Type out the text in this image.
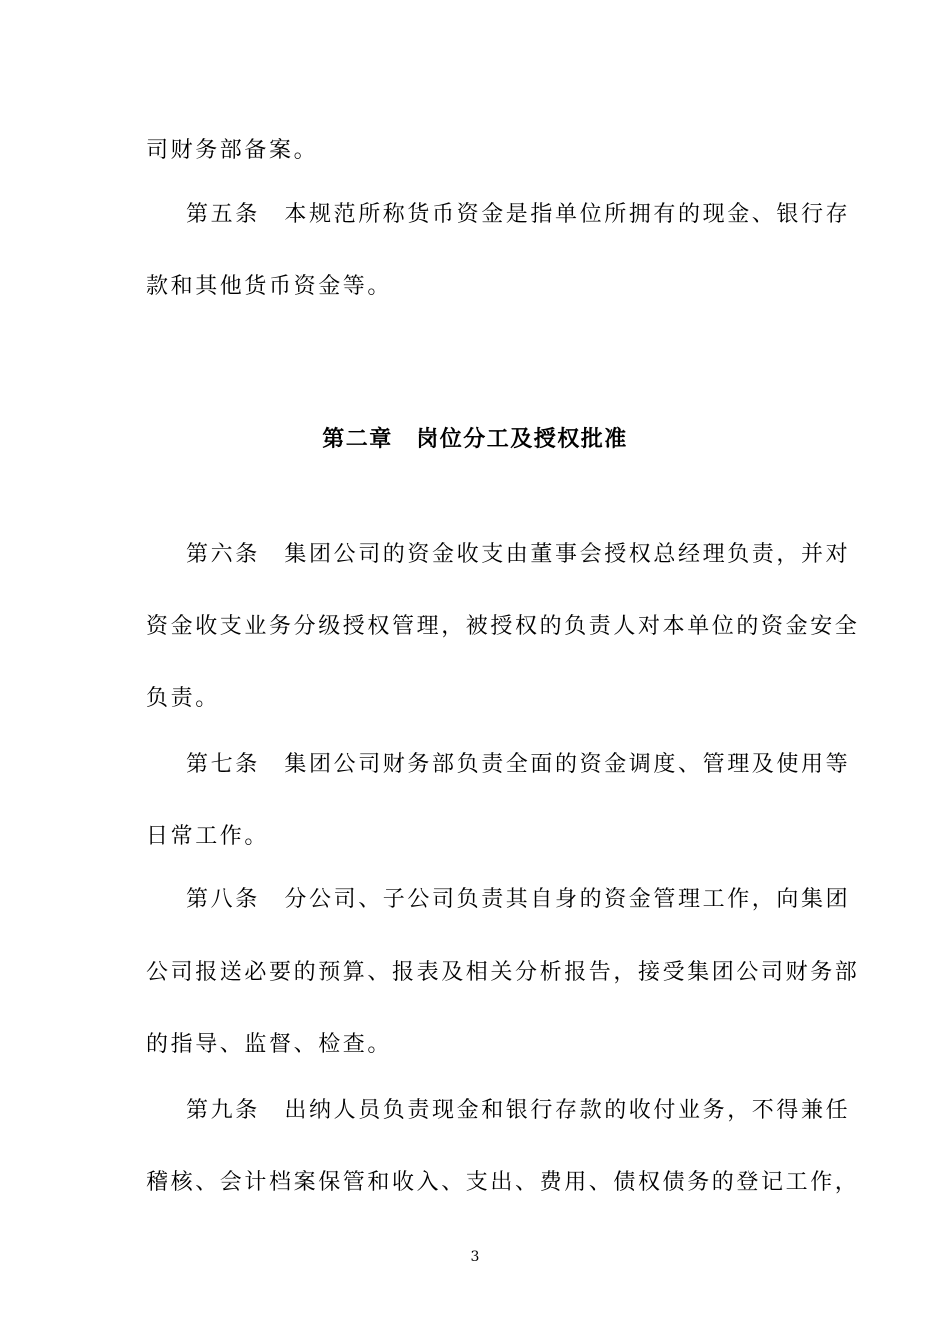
司财务部备案。
第五条　本规范所称货币资金是指单位所拥有的现金、银行存
款和其他货币资金等。
第二章　岗位分工及授权批准
第六条　集团公司的资金收支由董事会授权总经理负责，并对
资金收支业务分级授权管理，被授权的负责人对本单位的资金安全
负责。
第七条　集团公司财务部负责全面的资金调度、管理及使用等
日常工作。
第八条　分公司、子公司负责其自身的资金管理工作，向集团
公司报送必要的预算、报表及相关分析报告，接受集团公司财务部
的指导、监督、检查。
第九条　出纳人员负责现金和银行存款的收付业务，不得兼任
稽核、会计档案保管和收入、支出、费用、债权债务的登记工作，
3
